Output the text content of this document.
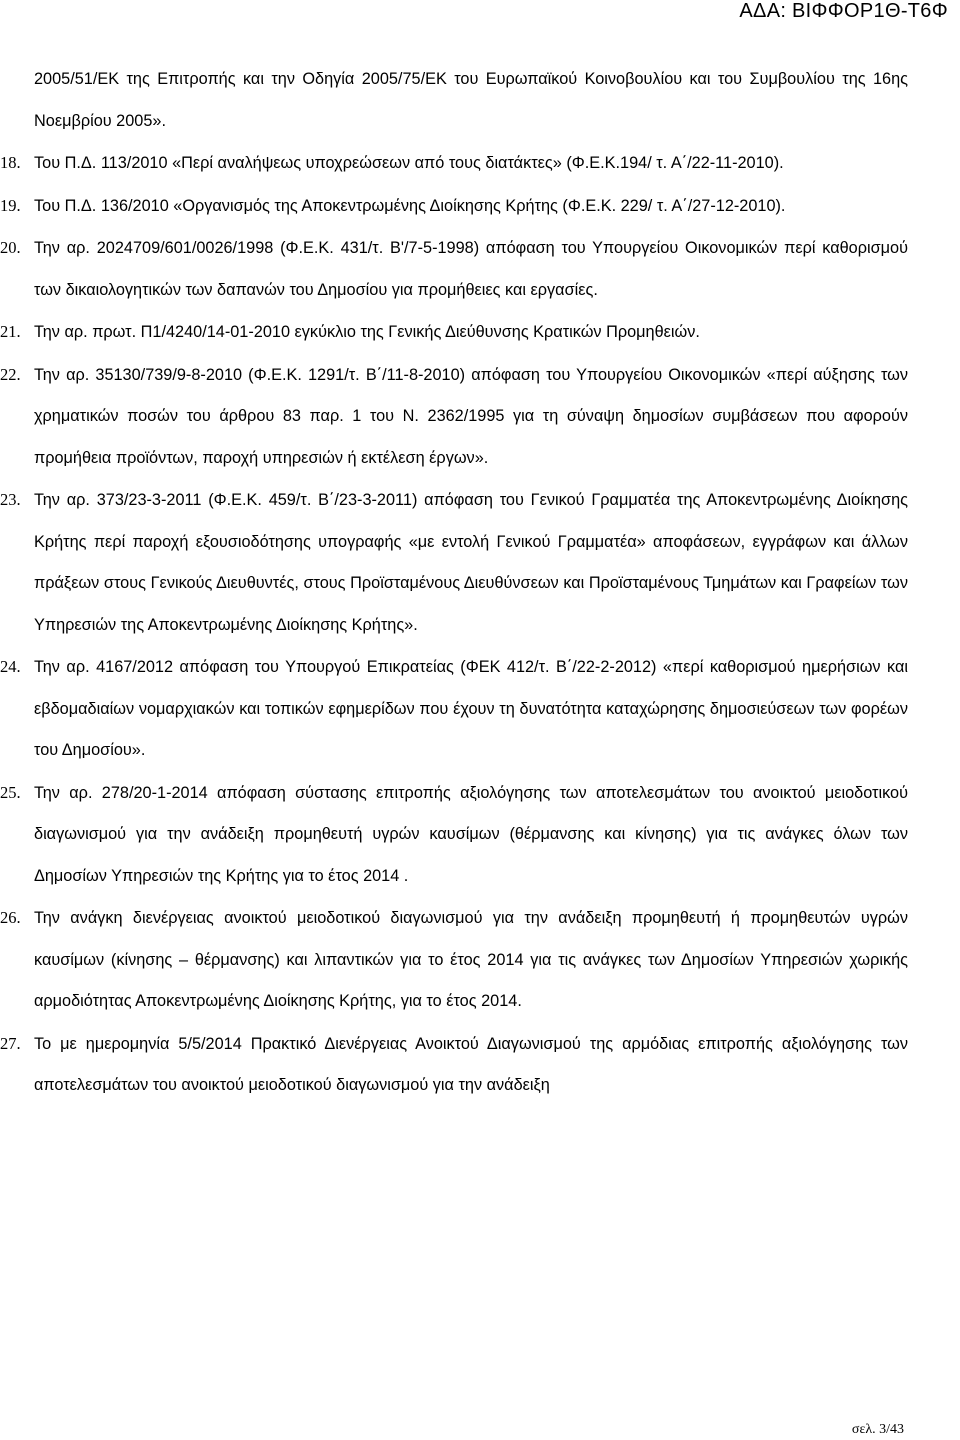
ΑΔΑ: ΒΙΦΦΟΡ1Θ-Τ6Φ

2005/51/ΕΚ της Επιτροπής και την Οδηγία 2005/75/ΕΚ του Ευρωπαϊκού Κοινοβουλίου και του Συμβουλίου της 16ης Νοεμβρίου 2005».

18. Του Π.Δ. 113/2010 «Περί αναλήψεως υποχρεώσεων από τους διατάκτες» (Φ.Ε.Κ.194/ τ. Α΄/22-11-2010).

19. Του Π.Δ. 136/2010 «Οργανισμός της Αποκεντρωμένης Διοίκησης Κρήτης (Φ.Ε.Κ. 229/ τ. Α΄/27-12-2010).

20. Την αρ. 2024709/601/0026/1998 (Φ.Ε.Κ. 431/τ. Β'/7-5-1998) απόφαση του Υπουργείου Οικονομικών περί καθορισμού των δικαιολογητικών των δαπανών του Δημοσίου για προμήθειες και εργασίες.

21. Την αρ. πρωτ. Π1/4240/14-01-2010 εγκύκλιο της Γενικής Διεύθυνσης Κρατικών Προμηθειών.

22. Την αρ. 35130/739/9-8-2010 (Φ.Ε.Κ. 1291/τ. Β΄/11-8-2010) απόφαση του Υπουργείου Οικονομικών «περί αύξησης των χρηματικών ποσών του άρθρου 83 παρ. 1 του Ν. 2362/1995 για τη σύναψη δημοσίων συμβάσεων που αφορούν προμήθεια προϊόντων, παροχή υπηρεσιών ή εκτέλεση έργων».

23. Την αρ. 373/23-3-2011 (Φ.Ε.Κ. 459/τ. Β΄/23-3-2011) απόφαση του Γενικού Γραμματέα της Αποκεντρωμένης Διοίκησης Κρήτης περί παροχή εξουσιοδότησης υπογραφής «με εντολή Γενικού Γραμματέα» αποφάσεων, εγγράφων και άλλων πράξεων στους Γενικούς Διευθυντές, στους Προϊσταμένους Διευθύνσεων και Προϊσταμένους Τμημάτων και Γραφείων των Υπηρεσιών της Αποκεντρωμένης Διοίκησης Κρήτης».

24. Την αρ. 4167/2012 απόφαση του Υπουργού Επικρατείας (ΦΕΚ 412/τ. Β΄/22-2-2012) «περί καθορισμού ημερήσιων και εβδομαδιαίων νομαρχιακών και τοπικών εφημερίδων που έχουν τη δυνατότητα καταχώρησης δημοσιεύσεων των φορέων του Δημοσίου».

25. Την αρ. 278/20-1-2014 απόφαση σύστασης επιτροπής αξιολόγησης των αποτελεσμάτων του ανοικτού μειοδοτικού διαγωνισμού για την ανάδειξη προμηθευτή υγρών καυσίμων (θέρμανσης και κίνησης) για τις ανάγκες όλων των Δημοσίων Υπηρεσιών της Κρήτης για το έτος 2014 .

26. Την ανάγκη διενέργειας ανοικτού μειοδοτικού διαγωνισμού για την ανάδειξη προμηθευτή ή προμηθευτών υγρών καυσίμων (κίνησης – θέρμανσης) και λιπαντικών για το έτος 2014 για τις ανάγκες των Δημοσίων Υπηρεσιών χωρικής αρμοδιότητας Αποκεντρωμένης Διοίκησης Κρήτης, για το έτος 2014.

27. Το με ημερομηνία 5/5/2014 Πρακτικό Διενέργειας Ανοικτού Διαγωνισμού της αρμόδιας επιτροπής αξιολόγησης των αποτελεσμάτων του ανοικτού μειοδοτικού διαγωνισμού για την ανάδειξη

σελ. 3/43
